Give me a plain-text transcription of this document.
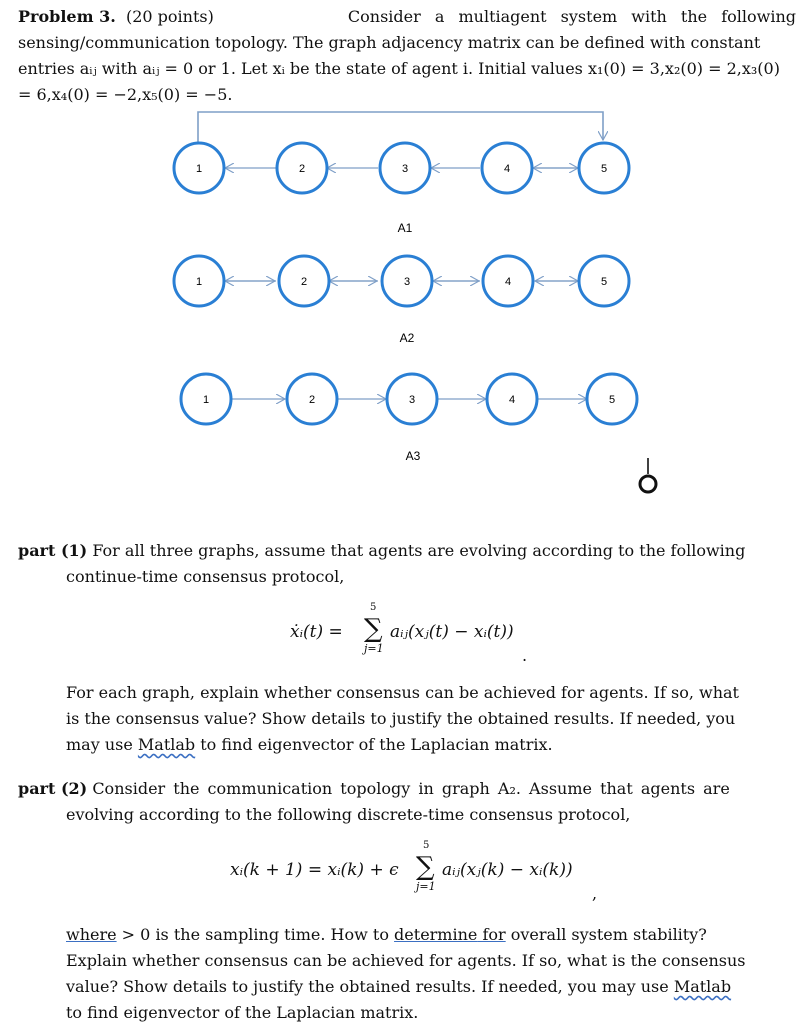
Problem 3. (20 points)	Consider a multiagent system with the following
sensing/communication topology. The graph adjacency matrix can be defined with constant
entries aᵢⱼ with aᵢⱼ = 0 or 1. Let xᵢ be the state of agent i. Initial values x₁(0) = 3,x₂(0) = 2,x₃(0)
= 6,x₄(0) = −2,x₅(0) = −5.
1	2	3	4	5
A1
1	2	3	4	5
A2
1	2	3	4	5
A3
part (1) For all three graphs, assume that agents are evolving according to the following
continue-time consensus protocol,
ẋᵢ(t) =
5
∑
j=1
aᵢⱼ(xⱼ(t) − xᵢ(t))
.
For each graph, explain whether consensus can be achieved for agents. If so, what
is the consensus value? Show details to justify the obtained results. If needed, you
may use Matlab to find eigenvector of the Laplacian matrix.
part (2) Consider the communication topology in graph A₂. Assume that agents are
evolving according to the following discrete-time consensus protocol,
xᵢ(k + 1) = xᵢ(k) + ϵ
5
∑
j=1
aᵢⱼ(xⱼ(k) − xᵢ(k))
,
where > 0 is the sampling time. How to determine for overall system stability?
Explain whether consensus can be achieved for agents. If so, what is the consensus
value? Show details to justify the obtained results. If needed, you may use Matlab
to find eigenvector of the Laplacian matrix.
